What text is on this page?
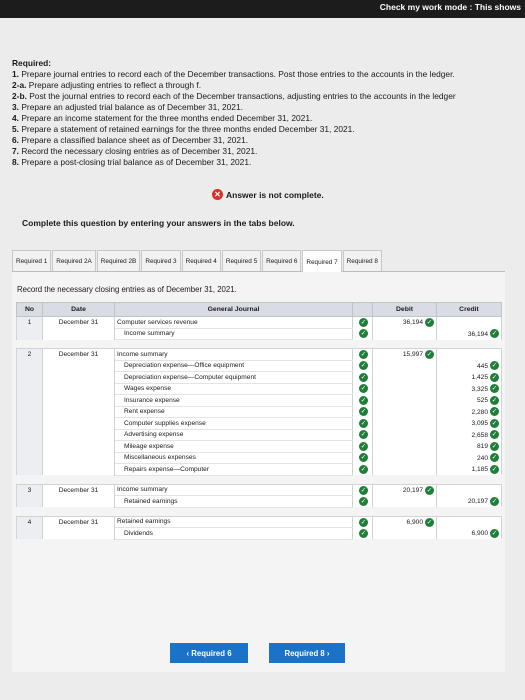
Check my work mode : This shows
Required:
1. Prepare journal entries to record each of the December transactions. Post those entries to the accounts in the ledger.
2-a. Prepare adjusting entries to reflect a through f.
2-b. Post the journal entries to record each of the December transactions, adjusting entries to the accounts in the ledger
3. Prepare an adjusted trial balance as of December 31, 2021.
4. Prepare an income statement for the three months ended December 31, 2021.
5. Prepare a statement of retained earnings for the three months ended December 31, 2021.
6. Prepare a classified balance sheet as of December 31, 2021.
7. Record the necessary closing entries as of December 31, 2021.
8. Prepare a post-closing trial balance as of December 31, 2021.
✕ Answer is not complete.
Complete this question by entering your answers in the tabs below.
Required 1	Required 2A	Required 2B	Required 3	Required 4	Required 5	Required 6	Required 7	Required 8
Record the necessary closing entries as of December 31, 2021.
No	Date	General Journal		Debit	Credit
1	December 31	Computer services revenue	✓	36,194 ✓	
		Income summary	✓		36,194 ✓

2	December 31	Income summary	✓	15,997 ✓	
		Depreciation expense—Office equipment	✓		445 ✓
		Depreciation expense—Computer equipment	✓		1,425 ✓
		Wages expense	✓		3,325 ✓
		Insurance expense	✓		525 ✓
		Rent expense	✓		2,280 ✓
		Computer supplies expense	✓		3,095 ✓
		Advertising expense	✓		2,658 ✓
		Mileage expense	✓		819 ✓
		Miscellaneous expenses	✓		240 ✓
		Repairs expense—Computer	✓		1,185 ✓

3	December 31	Income summary	✓	20,197 ✓	
		Retained earnings	✓		20,197 ✓

4	December 31	Retained earnings	✓	6,900 ✓	
		Dividends	✓		6,900 ✓
‹ Required 6	Required 8 ›
